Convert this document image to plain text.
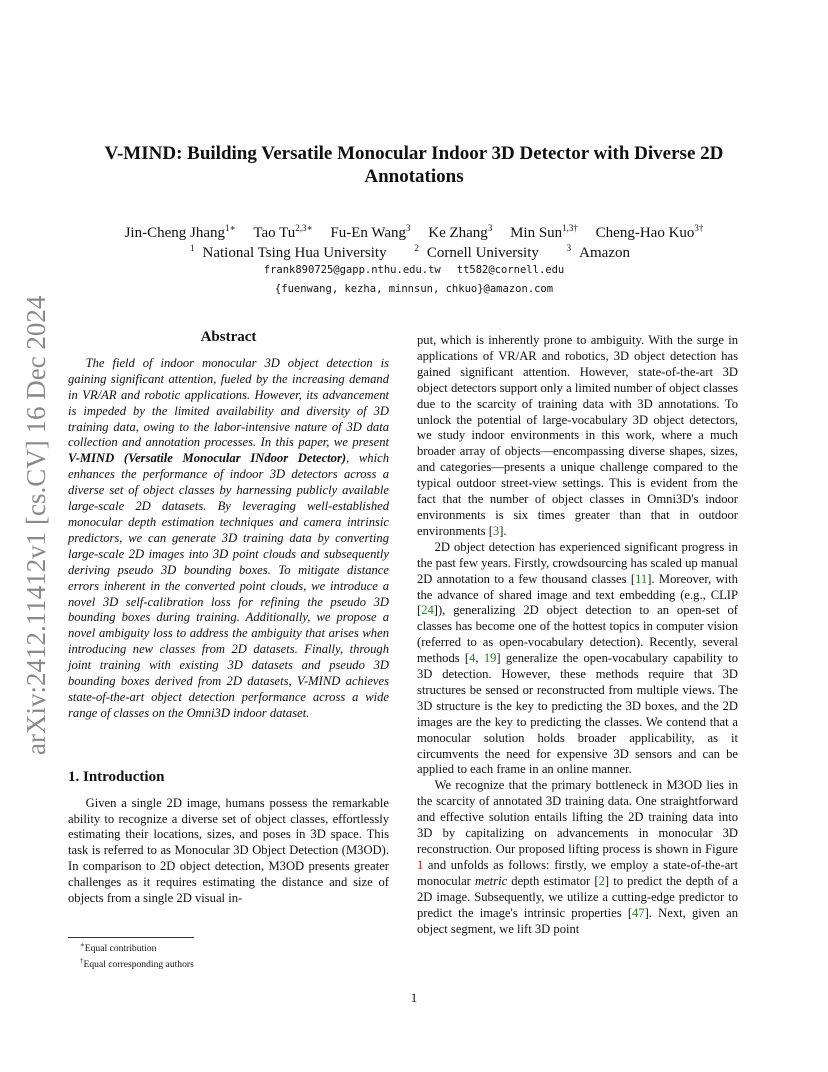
arXiv:2412.11412v1 [cs.CV] 16 Dec 2024
V-MIND: Building Versatile Monocular Indoor 3D Detector with Diverse 2D Annotations
Jin-Cheng Jhang$^{1∗}$ Tao $Tu^{2,3∗}$ Fu-En Wang$^3$ Ke Zhang$^3$ Min Sun$^{1,3\dagger}$ Cheng-Hao Kuo$^{3\dagger}$
$^1$ National Tsing Hua University	$^2$ Cornell University	$^3$ Amazon
frank890725@gapp.nthu.edu.tw tt582@cornell.edu
{fuenwang, kezha, minnsun, chkuo}@amazon.com
Abstract

The field of indoor monocular 3D object detection is gaining significant attention, fueled by the increasing demand in VR/AR and robotic applications. However, its advancement is impeded by the limited availability and diversity of 3D training data, owing to the labor-intensive nature of 3D data collection and annotation processes. In this paper, we present V-MIND (Versatile Monocular INdoor Detector), which enhances the performance of indoor 3D detectors across a diverse set of object classes by harnessing publicly available large-scale 2D datasets. By leveraging well-established monocular depth estimation techniques and camera intrinsic predictors, we can generate 3D training data by converting large-scale 2D images into 3D point clouds and subsequently deriving pseudo 3D bounding boxes. To mitigate distance errors inherent in the converted point clouds, we introduce a novel 3D self-calibration loss for refining the pseudo 3D bounding boxes during training. Additionally, we propose a novel ambiguity loss to address the ambiguity that arises when introducing new classes from 2D datasets. Finally, through joint training with existing 3D datasets and pseudo 3D bounding boxes derived from 2D datasets, V-MIND achieves state-of-the-art object detection performance across a wide range of classes on the Omni3D indoor dataset.

1. Introduction

Given a single 2D image, humans possess the remarkable ability to recognize a diverse set of object classes, effortlessly estimating their locations, sizes, and poses in 3D space. This task is referred to as Monocular 3D Object Detection (M3OD). In comparison to 2D object detection, M3OD presents greater challenges as it requires estimating the distance and size of objects from a single 2D visual in-

put, which is inherently prone to ambiguity. With the surge in applications of VR/AR and robotics, 3D object detection has gained significant attention. However, state-of-the-art 3D object detectors support only a limited number of object classes due to the scarcity of training data with 3D annotations. To unlock the potential of large-vocabulary 3D object detectors, we study indoor environments in this work, where a much broader array of objects—encompassing diverse shapes, sizes, and categories—presents a unique challenge compared to the typical outdoor street-view settings. This is evident from the fact that the number of object classes in Omni3D's indoor environments is six times greater than that in outdoor environments [3].

2D object detection has experienced significant progress in the past few years. Firstly, crowdsourcing has scaled up manual 2D annotation to a few thousand classes [11]. Moreover, with the advance of shared image and text embedding (e.g., CLIP [24]), generalizing 2D object detection to an open-set of classes has become one of the hottest topics in computer vision (referred to as open-vocabulary detection). Recently, several methods [4, 19] generalize the open-vocabulary capability to 3D detection. However, these methods require that 3D structures be sensed or reconstructed from multiple views. The 3D structure is the key to predicting the 3D boxes, and the 2D images are the key to predicting the classes. We contend that a monocular solution holds broader applicability, as it circumvents the need for expensive 3D sensors and can be applied to each frame in an online manner.

We recognize that the primary bottleneck in M3OD lies in the scarcity of annotated 3D training data. One straightforward and effective solution entails lifting the 2D training data into 3D by capitalizing on advancements in monocular 3D reconstruction. Our proposed lifting process is shown in Figure 1 and unfolds as follows: firstly, we employ a state-of-the-art monocular metric depth estimator [2] to predict the depth of a 2D image. Subsequently, we utilize a cutting-edge predictor to predict the image's intrinsic properties [47]. Next, given an object segment, we lift 3D point

∗Equal contribution
†Equal corresponding authors
1
